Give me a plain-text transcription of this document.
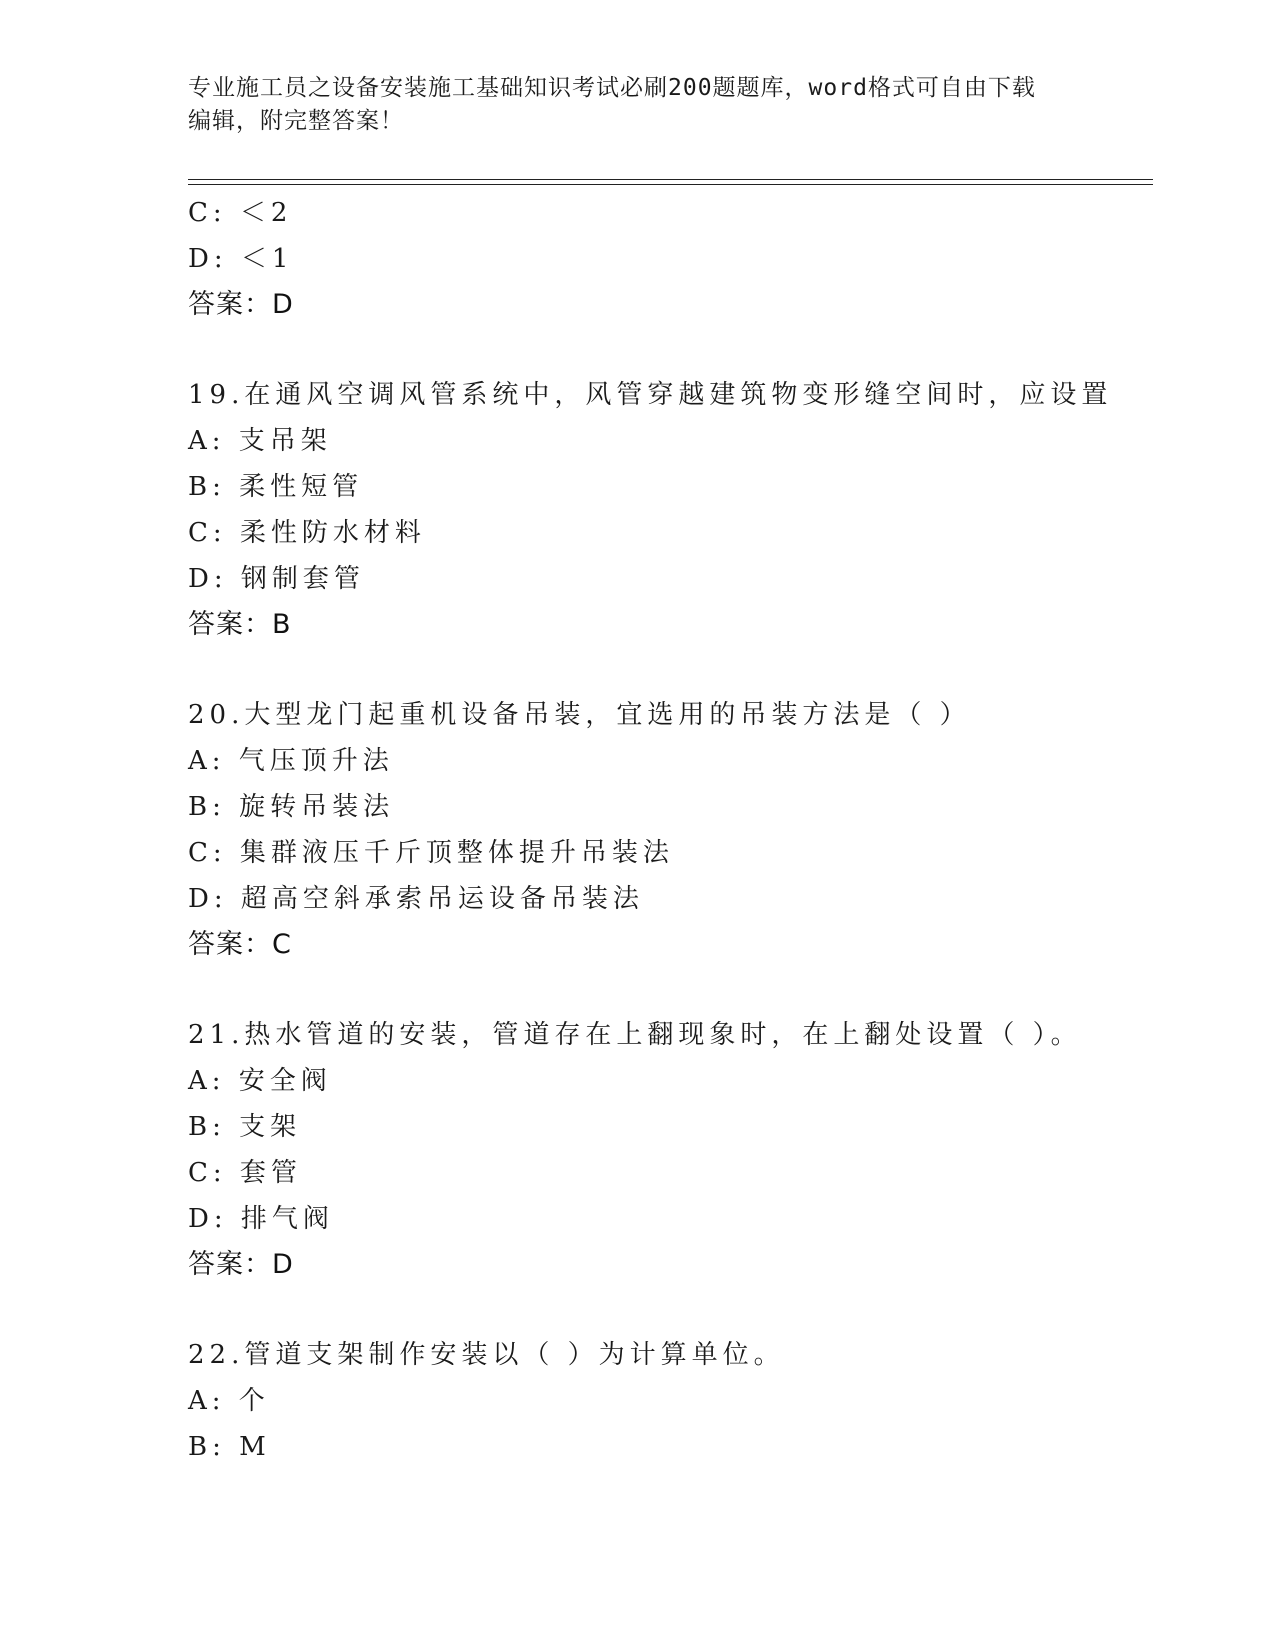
专业施工员之设备安装施工基础知识考试必刷200题题库，word格式可自由下载
编辑，附完整答案！
C: ＜2
D: ＜1
答案：D
19.在通风空调风管系统中，风管穿越建筑物变形缝空间时，应设置
A: 支吊架
B: 柔性短管
C: 柔性防水材料
D: 钢制套管
答案：B
20.大型龙门起重机设备吊装，宜选用的吊装方法是（ ）
A: 气压顶升法
B: 旋转吊装法
C: 集群液压千斤顶整体提升吊装法
D: 超高空斜承索吊运设备吊装法
答案：C
21.热水管道的安装，管道存在上翻现象时，在上翻处设置（ ）。
A: 安全阀
B: 支架
C: 套管
D: 排气阀
答案：D
22.管道支架制作安装以（ ）为计算单位。
A: 个
B: M
